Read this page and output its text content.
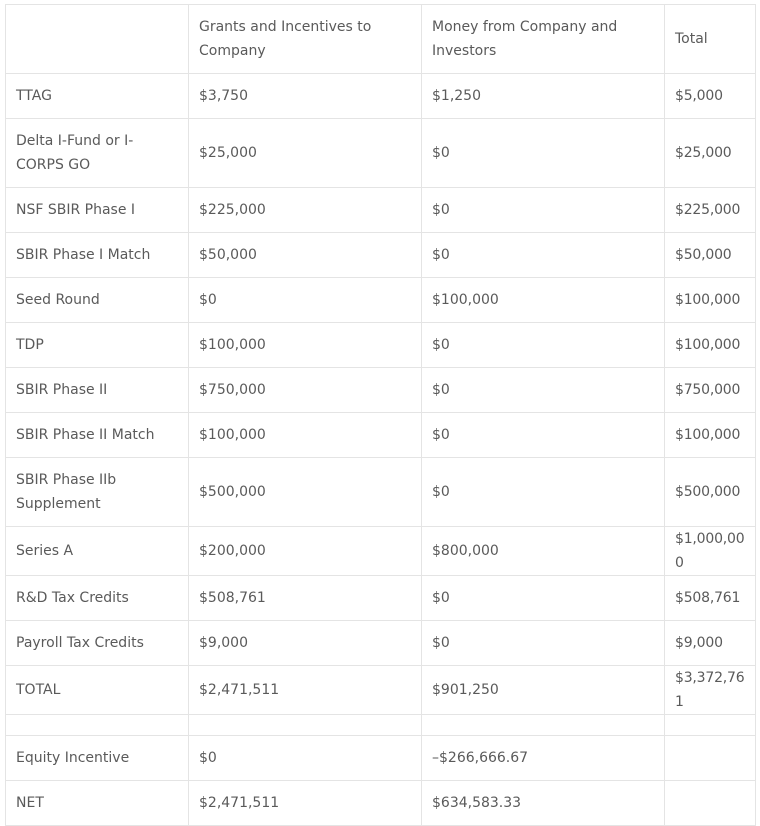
	Grants and Incentives to Company	Money from Company and Investors	Total
TTAG	$3,750	$1,250	$5,000
Delta I-Fund or I-CORPS GO	$25,000	$0	$25,000
NSF SBIR Phase I	$225,000	$0	$225,000
SBIR Phase I Match	$50,000	$0	$50,000
Seed Round	$0	$100,000	$100,000
TDP	$100,000	$0	$100,000
SBIR Phase II	$750,000	$0	$750,000
SBIR Phase II Match	$100,000	$0	$100,000
SBIR Phase IIb Supplement	$500,000	$0	$500,000
Series A	$200,000	$800,000	$1,000,000
R&D Tax Credits	$508,761	$0	$508,761
Payroll Tax Credits	$9,000	$0	$9,000
TOTAL	$2,471,511	$901,250	$3,372,761

Equity Incentive	$0	–$266,666.67	
NET	$2,471,511	$634,583.33	
